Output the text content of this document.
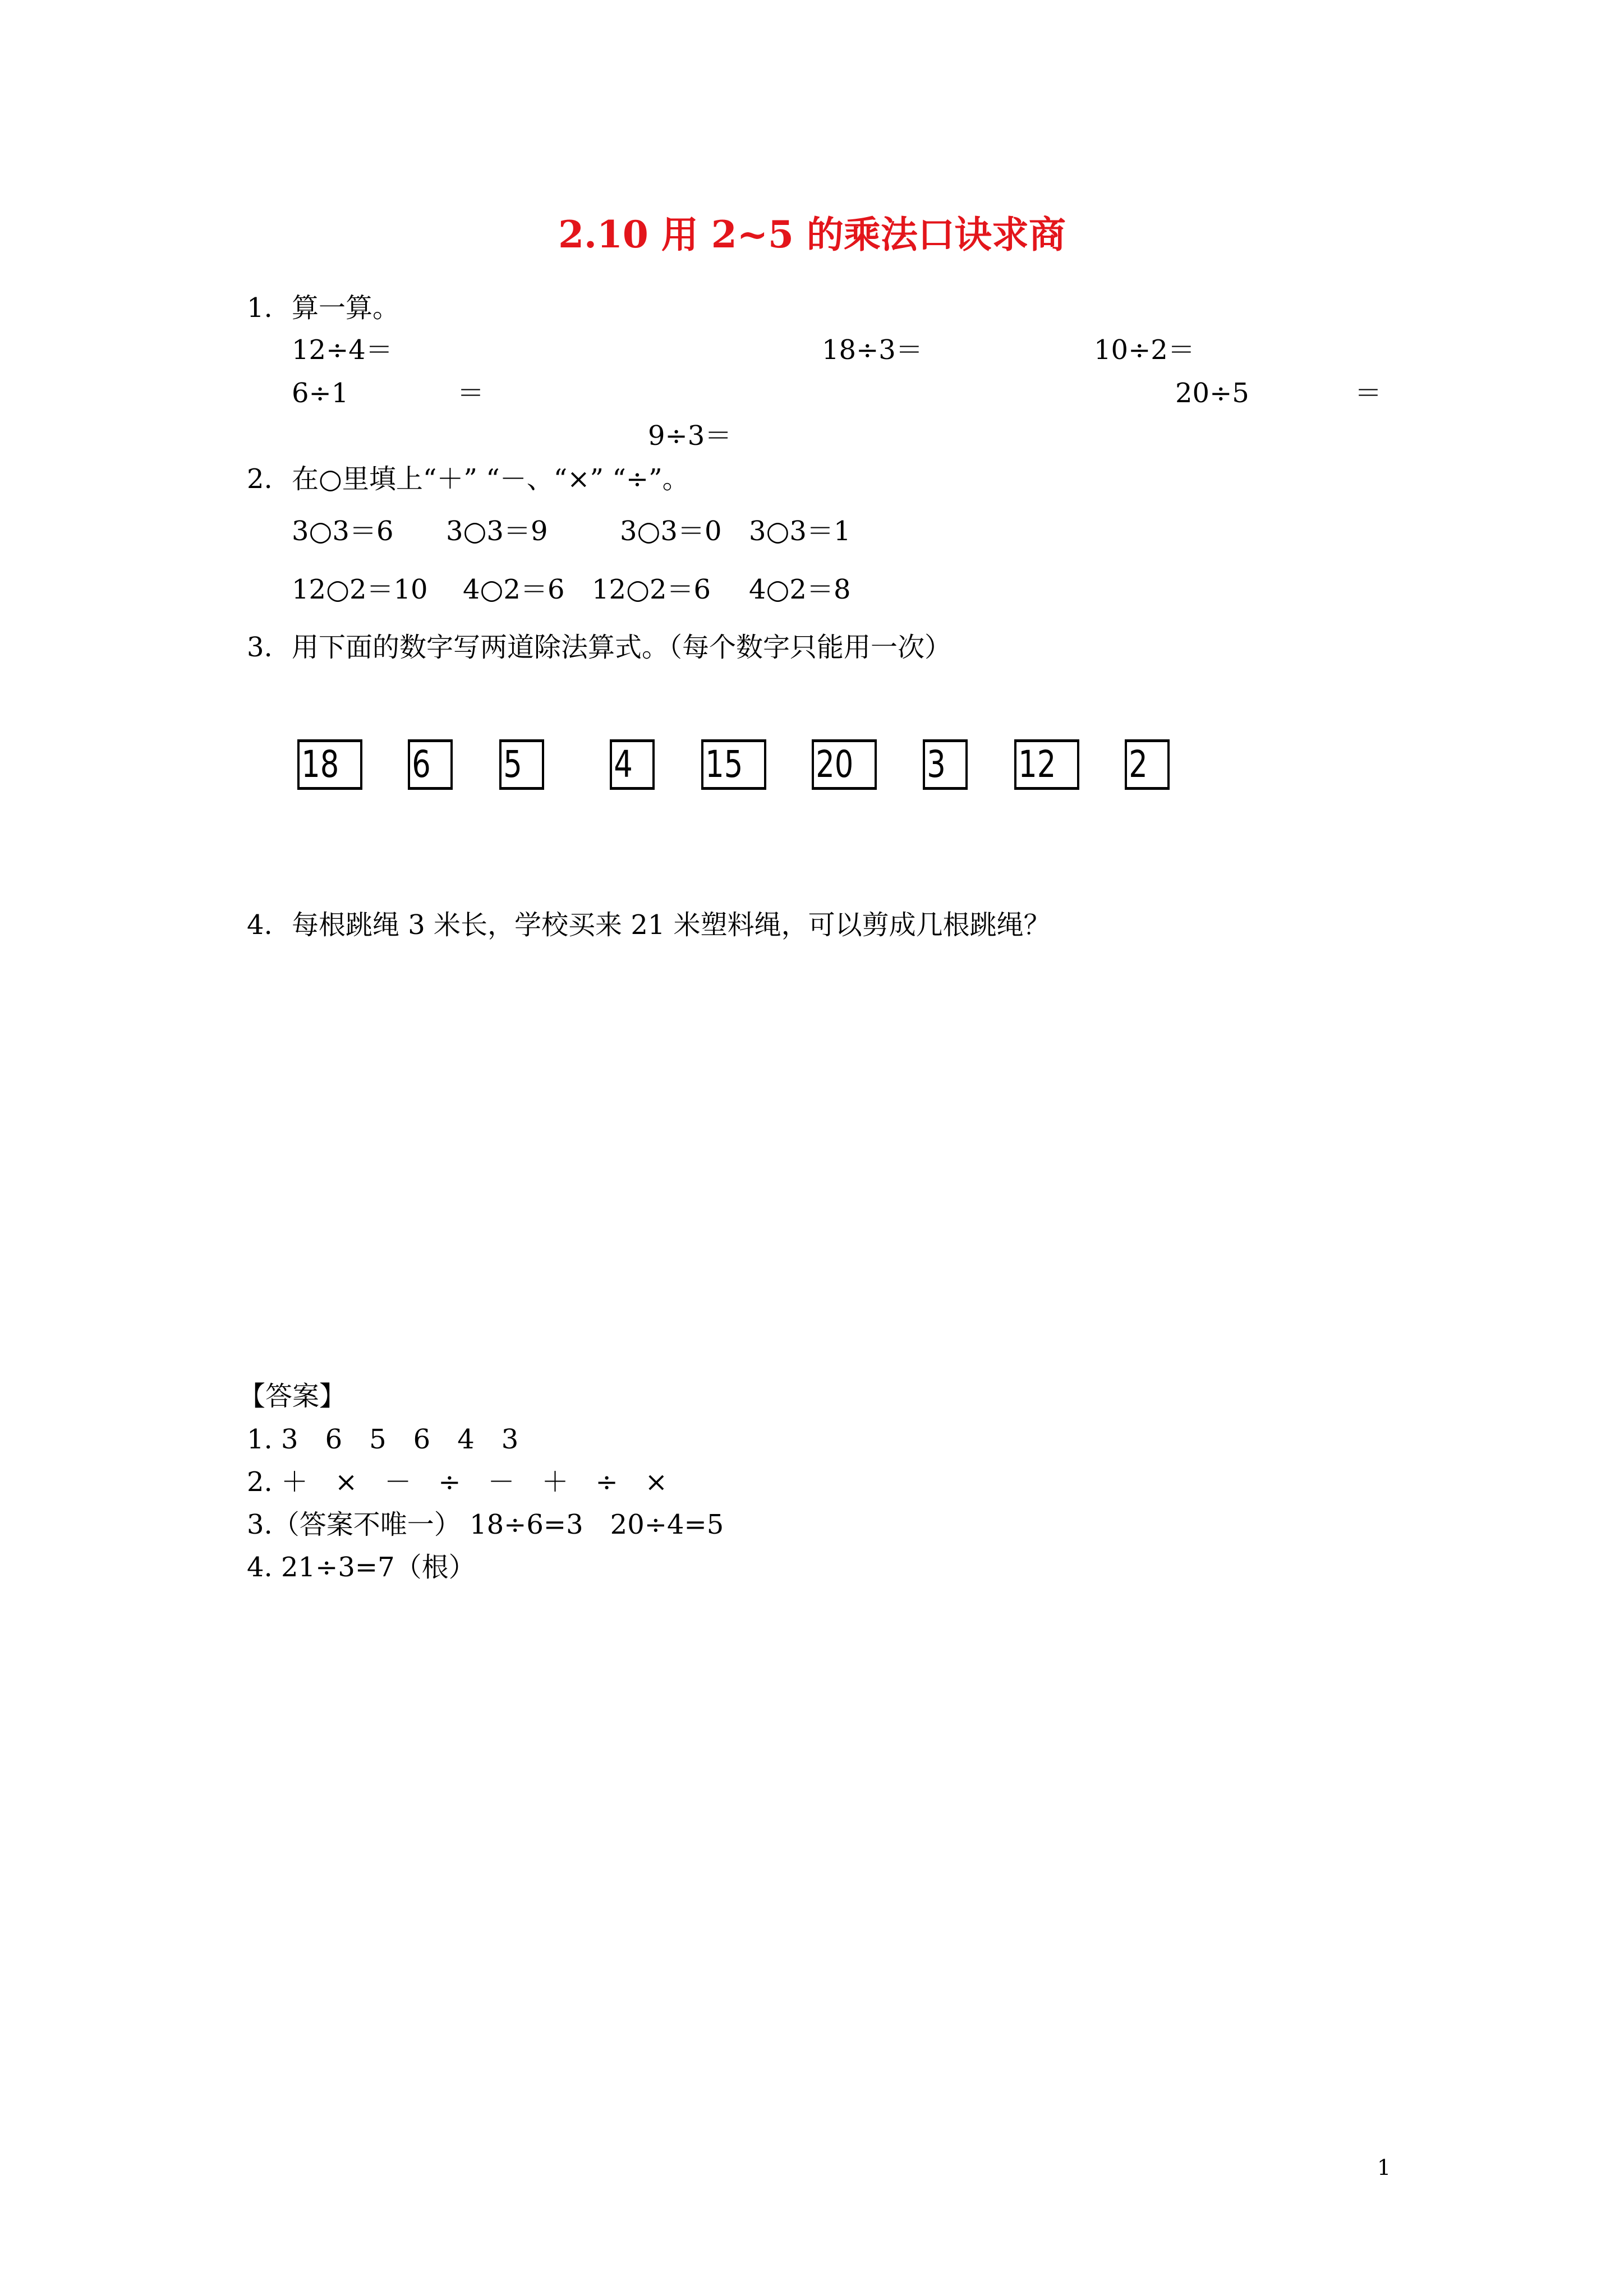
2.10 用 2~5 的乘法口诀求商
1. 算一算。
12÷4＝	18÷3＝	10÷2＝
6÷1	＝	20÷5	＝
9÷3＝
2. 在○里填上“＋” “－、“×” “÷”。
3○3＝6 3○3＝9	3○3＝0 3○3＝1
12○2＝10 4○2＝6 12○2＝6 4○2＝8
3. 用下面的数字写两道除法算式。（每个数字只能用一次）
18	6	5	4	15	20	3	12	2
4. 每根跳绳 3 米长，学校买来 21 米塑料绳，可以剪成几根跳绳？
【答案】
1. 3　6　5　6　4　3
2. ＋　×　－　÷　－　＋　÷　×
3.（答案不唯一） 18÷6=3　20÷4=5
4. 21÷3=7（根）
1
